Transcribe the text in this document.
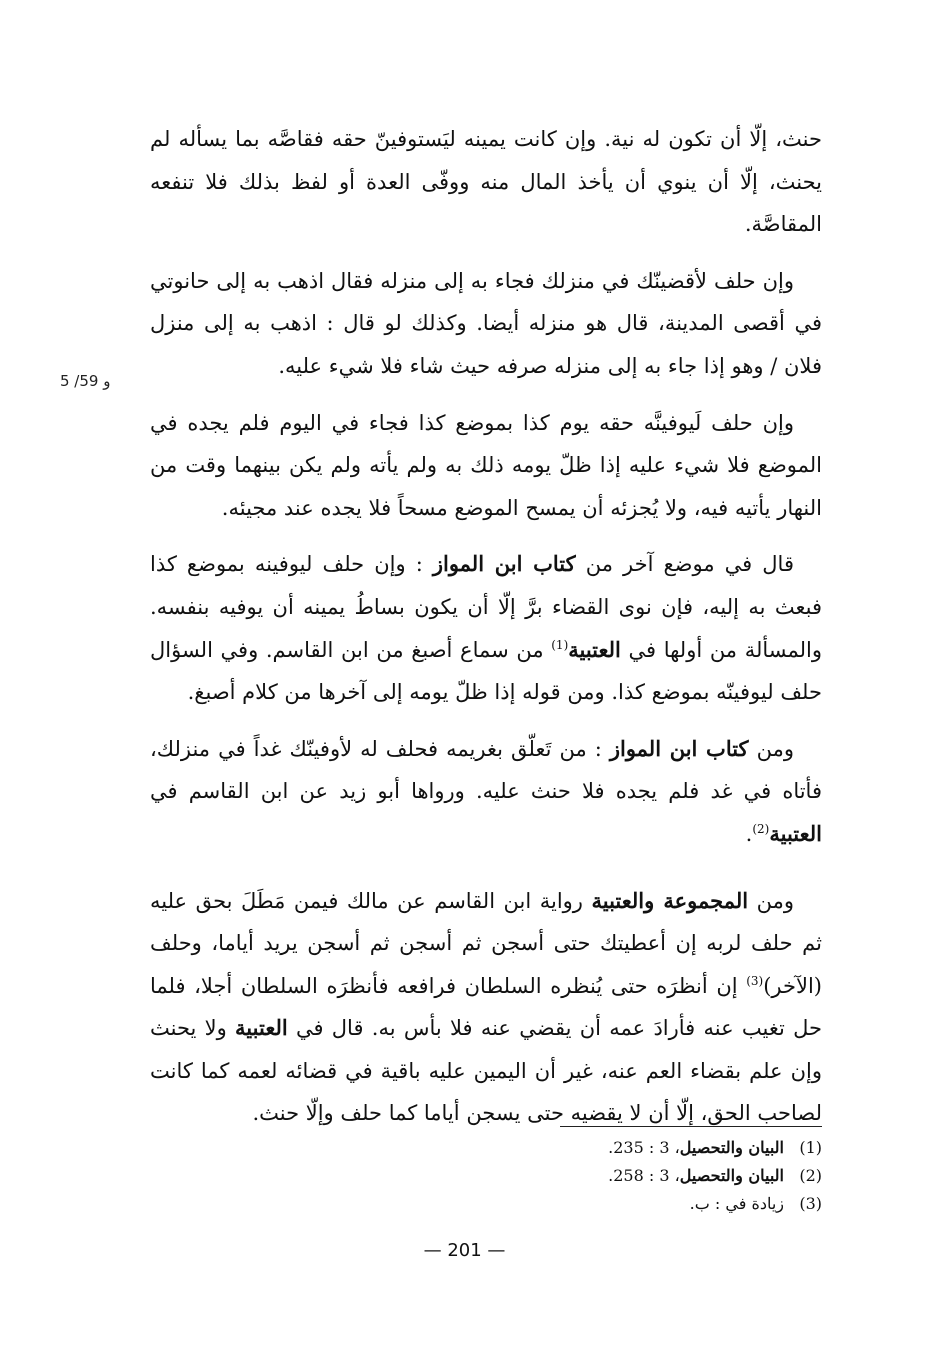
5 /59 و

حنث، إلّا أن تكون له نية. وإن كانت يمينه ليَستوفينّ حقه فقاصَّه بما يسأله لم يحنث، إلّا أن ينوي أن يأخذ المال منه ووفّى العدة أو لفظ بذلك فلا تنفعه المقاصَّة.

وإن حلف لأقضينّك في منزلك فجاء به إلى منزله فقال اذهب به إلى حانوتي في أقصى المدينة، قال هو منزله أيضا. وكذلك لو قال : اذهب به إلى منزل فلان / وهو إذا جاء به إلى منزله صرفه حيث شاء فلا شيء عليه.

وإن حلف لَيوفينَّه حقه يوم كذا بموضع كذا فجاء في اليوم فلم يجده في الموضع فلا شيء عليه إذا ظلّ يومه ذلك به ولم يأته ولم يكن بينهما وقت من النهار يأتيه فيه، ولا يُجزئه أن يمسح الموضع مسحاً فلا يجده عند مجيئه.

قال في موضع آخر من كتاب ابن المواز : وإن حلف ليوفينه بموضع كذا فبعث به إليه، فإن نوى القضاء برَّ إلّا أن يكون بساطُ يمينه أن يوفيه بنفسه. والمسألة من أولها في العتبية$^{(1)}$ من سماع أصبغ من ابن القاسم. وفي السؤال حلف ليوفينّه بموضع كذا. ومن قوله إذا ظلّ يومه إلى آخرها من كلام أصبغ.

ومن كتاب ابن المواز : من تَعلّق بغريمه فحلف له لأوفينّك غداً في منزلك، فأتاه في غد فلم يجده فلا حنث عليه. ورواها أبو زيد عن ابن القاسم في العتبية$^{(2)}$.

ومن المجموعة والعتبية رواية ابن القاسم عن مالك فيمن مَطَلَ بحق عليه ثم حلف لربه إن أعطيتك حتى أسجن ثم أسجن ثم أسجن يريد أياما، وحلف (الآخر)$^{(3)}$ إن أنظرَه حتى يُنظره السلطان فرافعه فأنظرَه السلطان أجلا، فلما حل تغيب عنه فأرادَ عمه أن يقضي عنه فلا بأس به. قال في العتبية ولا يحنث وإن علم بقضاء العم عنه، غير أن اليمين عليه باقية في قضائه لعمه كما كانت لصاحب الحق، إلّا أن لا يقضيه حتى يسجن أياما كما حلف وإلّا حنث.

(1)البيان والتحصيل، 3 : 235.
(2)البيان والتحصيل، 3 : 258.
(3)زيادة في : ب.
— 201 —
